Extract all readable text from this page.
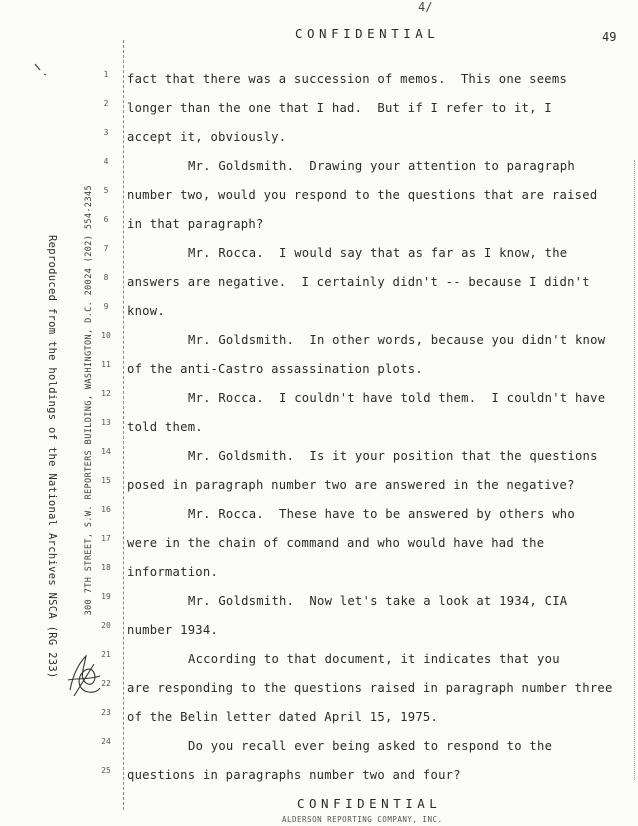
4/
CONFIDENTIAL	49
Reproduced from the holdings of the National Archives NSCA (RG 233)	300 7TH STREET, S.W. REPORTERS BUILDING, WASHINGTON, D.C. 20024 (202) 554-2345
1
2
3
4
5
6
7
8
9
10
11
12
13
14
15
16
17
18
19
20
21
22
23
24
25
fact that there was a succession of memos.  This one seems
longer than the one that I had.  But if I refer to it, I
accept it, obviously.
Mr. Goldsmith.  Drawing your attention to paragraph
number two, would you respond to the questions that are raised
in that paragraph?
Mr. Rocca.  I would say that as far as I know, the
answers are negative.  I certainly didn't -- because I didn't
know.
Mr. Goldsmith.  In other words, because you didn't know
of the anti-Castro assassination plots.
Mr. Rocca.  I couldn't have told them.  I couldn't have
told them.
Mr. Goldsmith.  Is it your position that the questions
posed in paragraph number two are answered in the negative?
Mr. Rocca.  These have to be answered by others who
were in the chain of command and who would have had the
information.
Mr. Goldsmith.  Now let's take a look at 1934, CIA
number 1934.
According to that document, it indicates that you
are responding to the questions raised in paragraph number three
of the Belin letter dated April 15, 1975.
Do you recall ever being asked to respond to the
questions in paragraphs number two and four?
CONFIDENTIAL
ALDERSON REPORTING COMPANY, INC.
